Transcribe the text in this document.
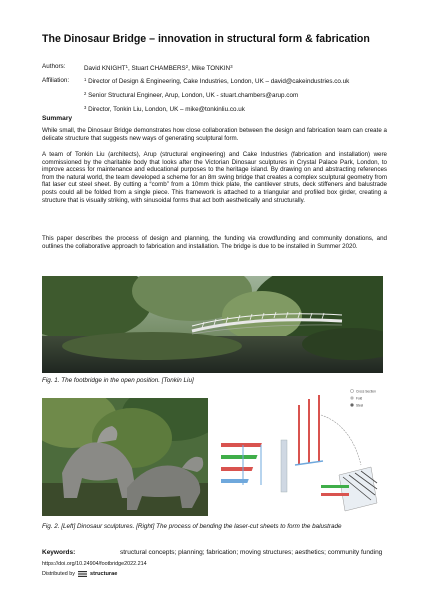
The Dinosaur Bridge – innovation in structural form & fabrication
Authors:	David KNIGHT$^1$, Stuart CHAMBERS$^2$, Mike TONKIN$^3$
Affiliation:	$^1$ Director of Design & Engineering, Cake Industries, London, UK – david@cakeindustries.co.uk
$^2$ Senior Structural Engineer, Arup, London, UK - stuart.chambers@arup.com
$^3$ Director, Tonkin Liu, London, UK – mike@tonkinliu.co.uk
Summary
While small, the Dinosaur Bridge demonstrates how close collaboration between the design and fabrication team can create a delicate structure that suggests new ways of generating sculptural form.
A team of Tonkin Liu (architects), Arup (structural engineering) and Cake Industries (fabrication and installation) were commissioned by the charitable body that looks after the Victorian Dinosaur sculptures in Crystal Palace Park, London, to improve access for maintenance and educational purposes to the heritage island. By drawing on and abstracting references from the natural world, the team developed a scheme for an 8m swing bridge that creates a complex sculptural geometry from flat laser cut steel sheet. By cutting a “comb” from a 10mm thick plate, the cantilever struts, deck stiffeners and balustrade posts could all be folded from a single piece. This framework is attached to a triangular and profiled box girder, creating a structure that is visually striking, with sinusoidal forms that act both aesthetically and structurally.
This paper describes the process of design and planning, the funding via crowdfunding and community donations, and outlines the collaborative approach to fabrication and installation. The bridge is due to be installed in Summer 2020.
Fig. 1. The footbridge in the open position. [Tonkin Liu]
Cross Section
Fold
Steel
Fig. 2. [Left] Dinosaur sculptures. [Right] The process of bending the laser-cut sheets to form the balustrade
Keywords:	structural concepts; planning; fabrication; moving structures; aesthetics; community funding
https://doi.org/10.24904/footbridge2022.214
Distributed by	structurae
